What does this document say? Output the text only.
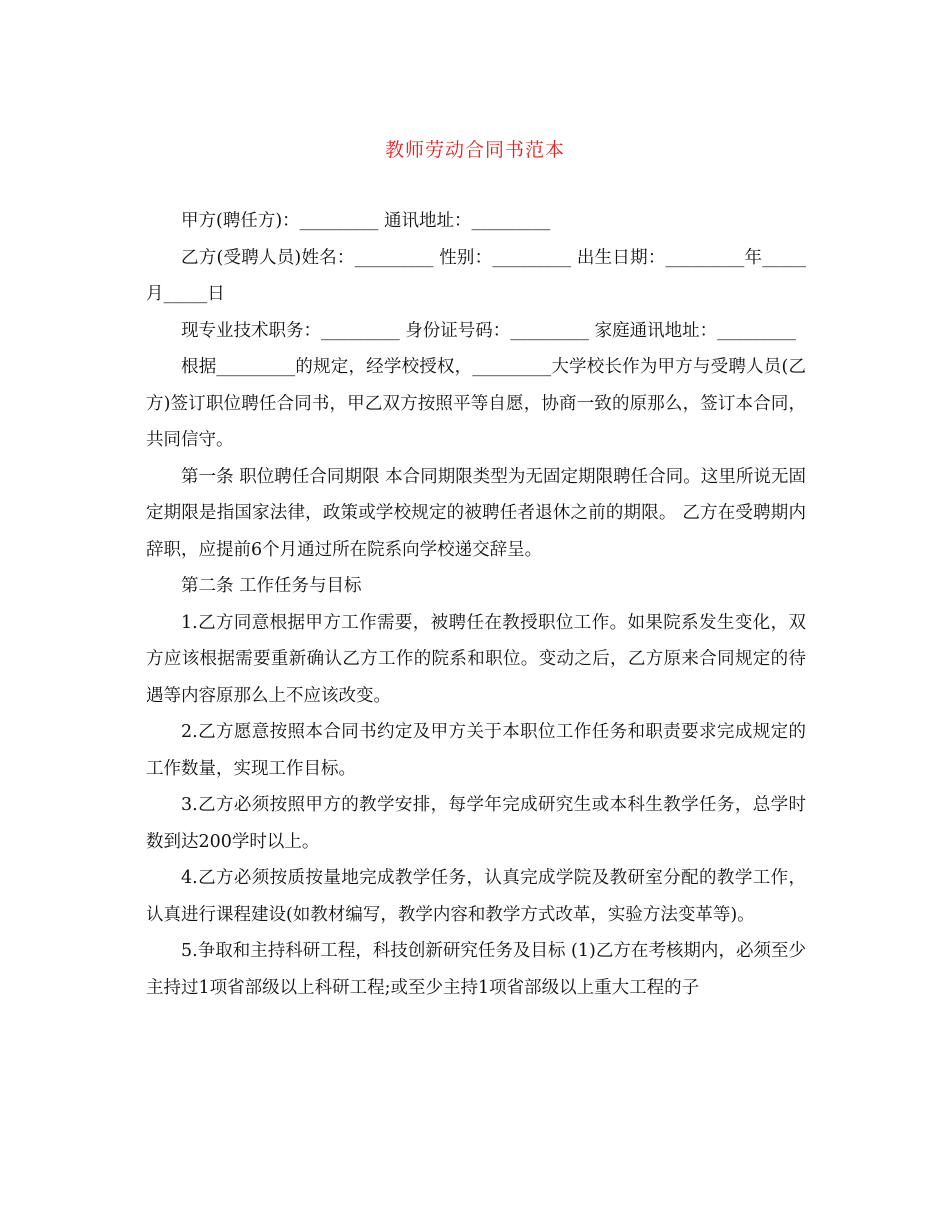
教师劳动合同书范本

甲方(聘任方)：_________ 通讯地址：_________

乙方(受聘人员)姓名：_________ 性别：_________ 出生日期：_________年_____月_____日

现专业技术职务：_________ 身份证号码：_________ 家庭通讯地址：_________

根据_________的规定，经学校授权，_________大学校长作为甲方与受聘人员(乙方)签订职位聘任合同书，甲乙双方按照平等自愿，协商一致的原那么，签订本合同，共同信守。

第一条 职位聘任合同期限 本合同期限类型为无固定期限聘任合同。这里所说无固定期限是指国家法律，政策或学校规定的被聘任者退休之前的期限。 乙方在受聘期内辞职，应提前6个月通过所在院系向学校递交辞呈。

第二条 工作任务与目标

1.乙方同意根据甲方工作需要，被聘任在教授职位工作。如果院系发生变化，双方应该根据需要重新确认乙方工作的院系和职位。变动之后，乙方原来合同规定的待遇等内容原那么上不应该改变。

2.乙方愿意按照本合同书约定及甲方关于本职位工作任务和职责要求完成规定的工作数量，实现工作目标。

3.乙方必须按照甲方的教学安排，每学年完成研究生或本科生教学任务，总学时数到达200学时以上。

4.乙方必须按质按量地完成教学任务，认真完成学院及教研室分配的教学工作，认真进行课程建设(如教材编写，教学内容和教学方式改革，实验方法变革等)。

5.争取和主持科研工程，科技创新研究任务及目标 (1)乙方在考核期内，必须至少主持过1项省部级以上科研工程;或至少主持1项省部级以上重大工程的子
